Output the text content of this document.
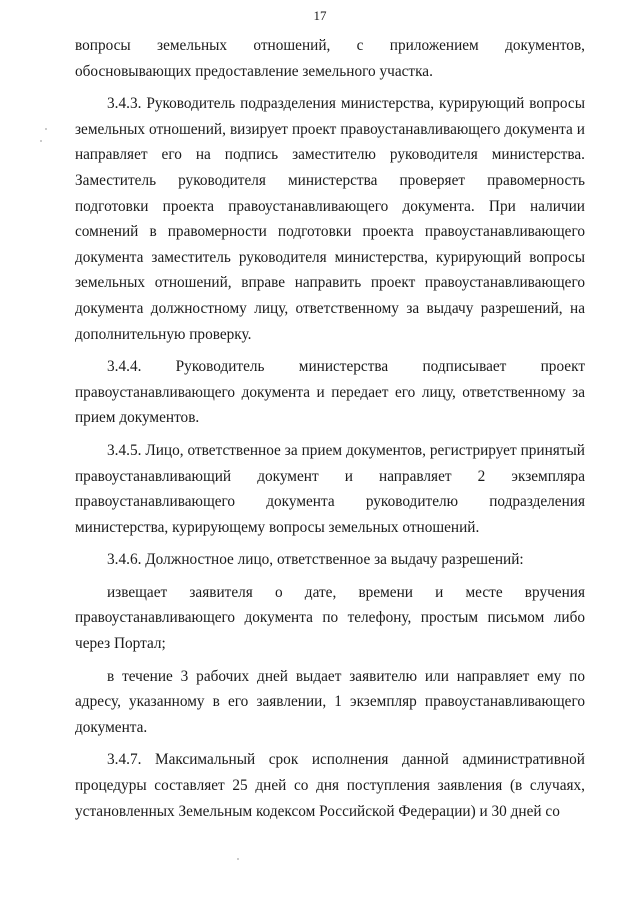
17

вопросы земельных отношений, с приложением документов, обосновывающих предоставление земельного участка.

3.4.3. Руководитель подразделения министерства, курирующий вопросы земельных отношений, визирует проект правоустанавливающего документа и направляет его на подпись заместителю руководителя министерства. Заместитель руководителя министерства проверяет правомерность подготовки проекта правоустанавливающего документа. При наличии сомнений в правомерности подготовки проекта правоустанавливающего документа заместитель руководителя министерства, курирующий вопросы земельных отношений, вправе направить проект правоустанавливающего документа должностному лицу, ответственному за выдачу разрешений, на дополнительную проверку.

3.4.4. Руководитель министерства подписывает проект правоустанавливающего документа и передает его лицу, ответственному за прием документов.

3.4.5. Лицо, ответственное за прием документов, регистрирует принятый правоустанавливающий документ и направляет 2 экземпляра правоустанавливающего документа руководителю подразделения министерства, курирующему вопросы земельных отношений.

3.4.6. Должностное лицо, ответственное за выдачу разрешений:

извещает заявителя о дате, времени и месте вручения правоустанавливающего документа по телефону, простым письмом либо через Портал;

в течение 3 рабочих дней выдает заявителю или направляет ему по адресу, указанному в его заявлении, 1 экземпляр правоустанавливающего документа.

3.4.7. Максимальный срок исполнения данной административной процедуры составляет 25 дней со дня поступления заявления (в случаях, установленных Земельным кодексом Российской Федерации) и 30 дней со
